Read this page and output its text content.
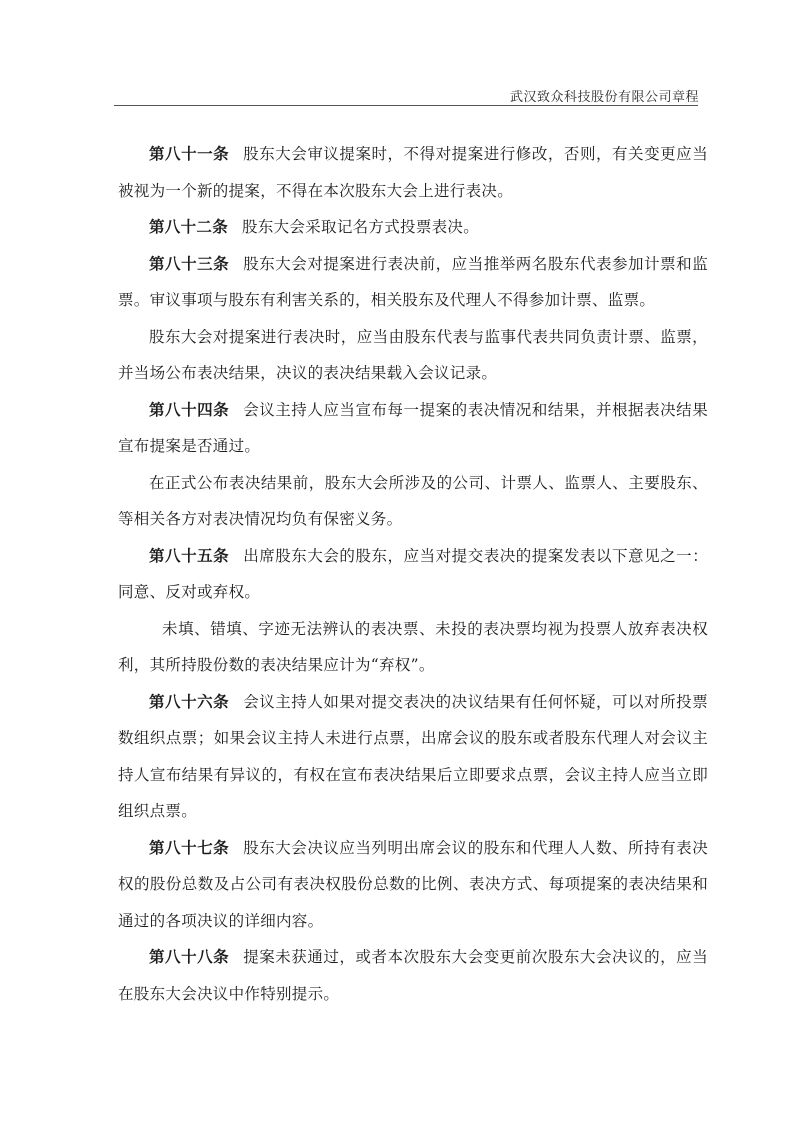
武汉致众科技股份有限公司章程

第八十一条 股东大会审议提案时，不得对提案进行修改，否则，有关变更应当被视为一个新的提案，不得在本次股东大会上进行表决。

第八十二条 股东大会采取记名方式投票表决。

第八十三条 股东大会对提案进行表决前，应当推举两名股东代表参加计票和监票。审议事项与股东有利害关系的，相关股东及代理人不得参加计票、监票。

股东大会对提案进行表决时，应当由股东代表与监事代表共同负责计票、监票，并当场公布表决结果，决议的表决结果载入会议记录。

第八十四条 会议主持人应当宣布每一提案的表决情况和结果，并根据表决结果宣布提案是否通过。

在正式公布表决结果前，股东大会所涉及的公司、计票人、监票人、主要股东、等相关各方对表决情况均负有保密义务。

第八十五条 出席股东大会的股东，应当对提交表决的提案发表以下意见之一：同意、反对或弃权。

未填、错填、字迹无法辨认的表决票、未投的表决票均视为投票人放弃表决权利，其所持股份数的表决结果应计为“弃权”。

第八十六条 会议主持人如果对提交表决的决议结果有任何怀疑，可以对所投票数组织点票；如果会议主持人未进行点票，出席会议的股东或者股东代理人对会议主持人宣布结果有异议的，有权在宣布表决结果后立即要求点票，会议主持人应当立即组织点票。

第八十七条 股东大会决议应当列明出席会议的股东和代理人人数、所持有表决权的股份总数及占公司有表决权股份总数的比例、表决方式、每项提案的表决结果和通过的各项决议的详细内容。

第八十八条 提案未获通过，或者本次股东大会变更前次股东大会决议的，应当在股东大会决议中作特别提示。
